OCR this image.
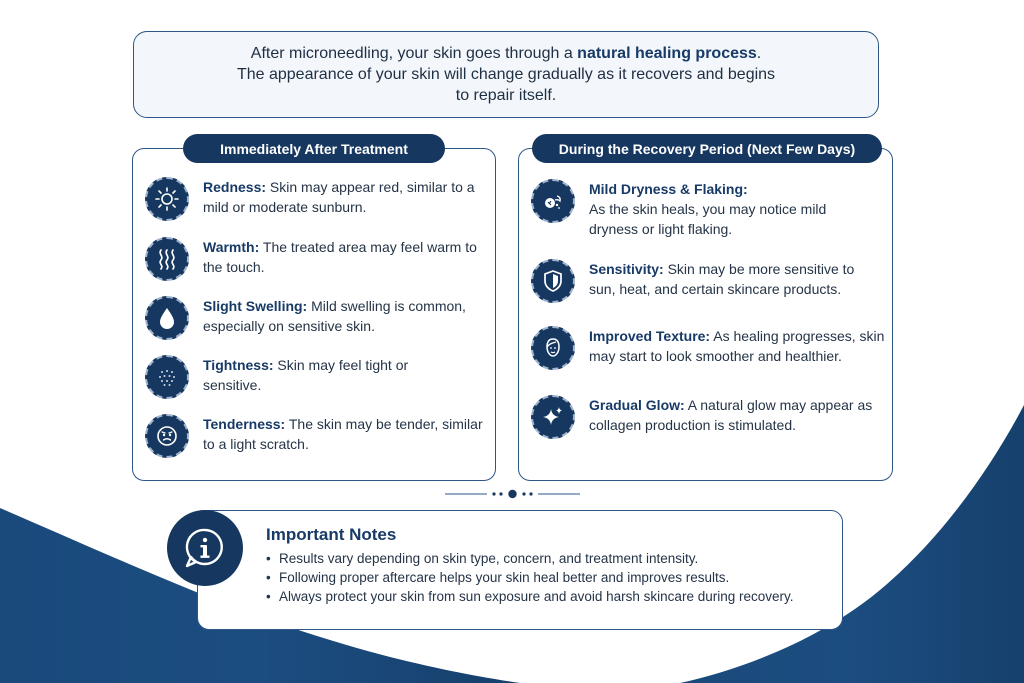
After microneedling, your skin goes through a natural healing process.
The appearance of your skin will change gradually as it recovers and begins
to repair itself.
Immediately After Treatment
Redness: Skin may appear red, similar to a mild or moderate sunburn.
Warmth: The treated area may feel warm to the touch.
Slight Swelling: Mild swelling is common, especially on sensitive skin.
Tightness: Skin may feel tight or sensitive.
Tenderness: The skin may be tender, similar to a light scratch.
During the Recovery Period (Next Few Days)
Mild Dryness & Flaking:
As the skin heals, you may notice mild dryness or light flaking.
Sensitivity: Skin may be more sensitive to sun, heat, and certain skincare products.
Improved Texture: As healing progresses, skin may start to look smoother and healthier.
Gradual Glow: A natural glow may appear as collagen production is stimulated.
Important Notes
• Results vary depending on skin type, concern, and treatment intensity.
• Following proper aftercare helps your skin heal better and improves results.
• Always protect your skin from sun exposure and avoid harsh skincare during recovery.
